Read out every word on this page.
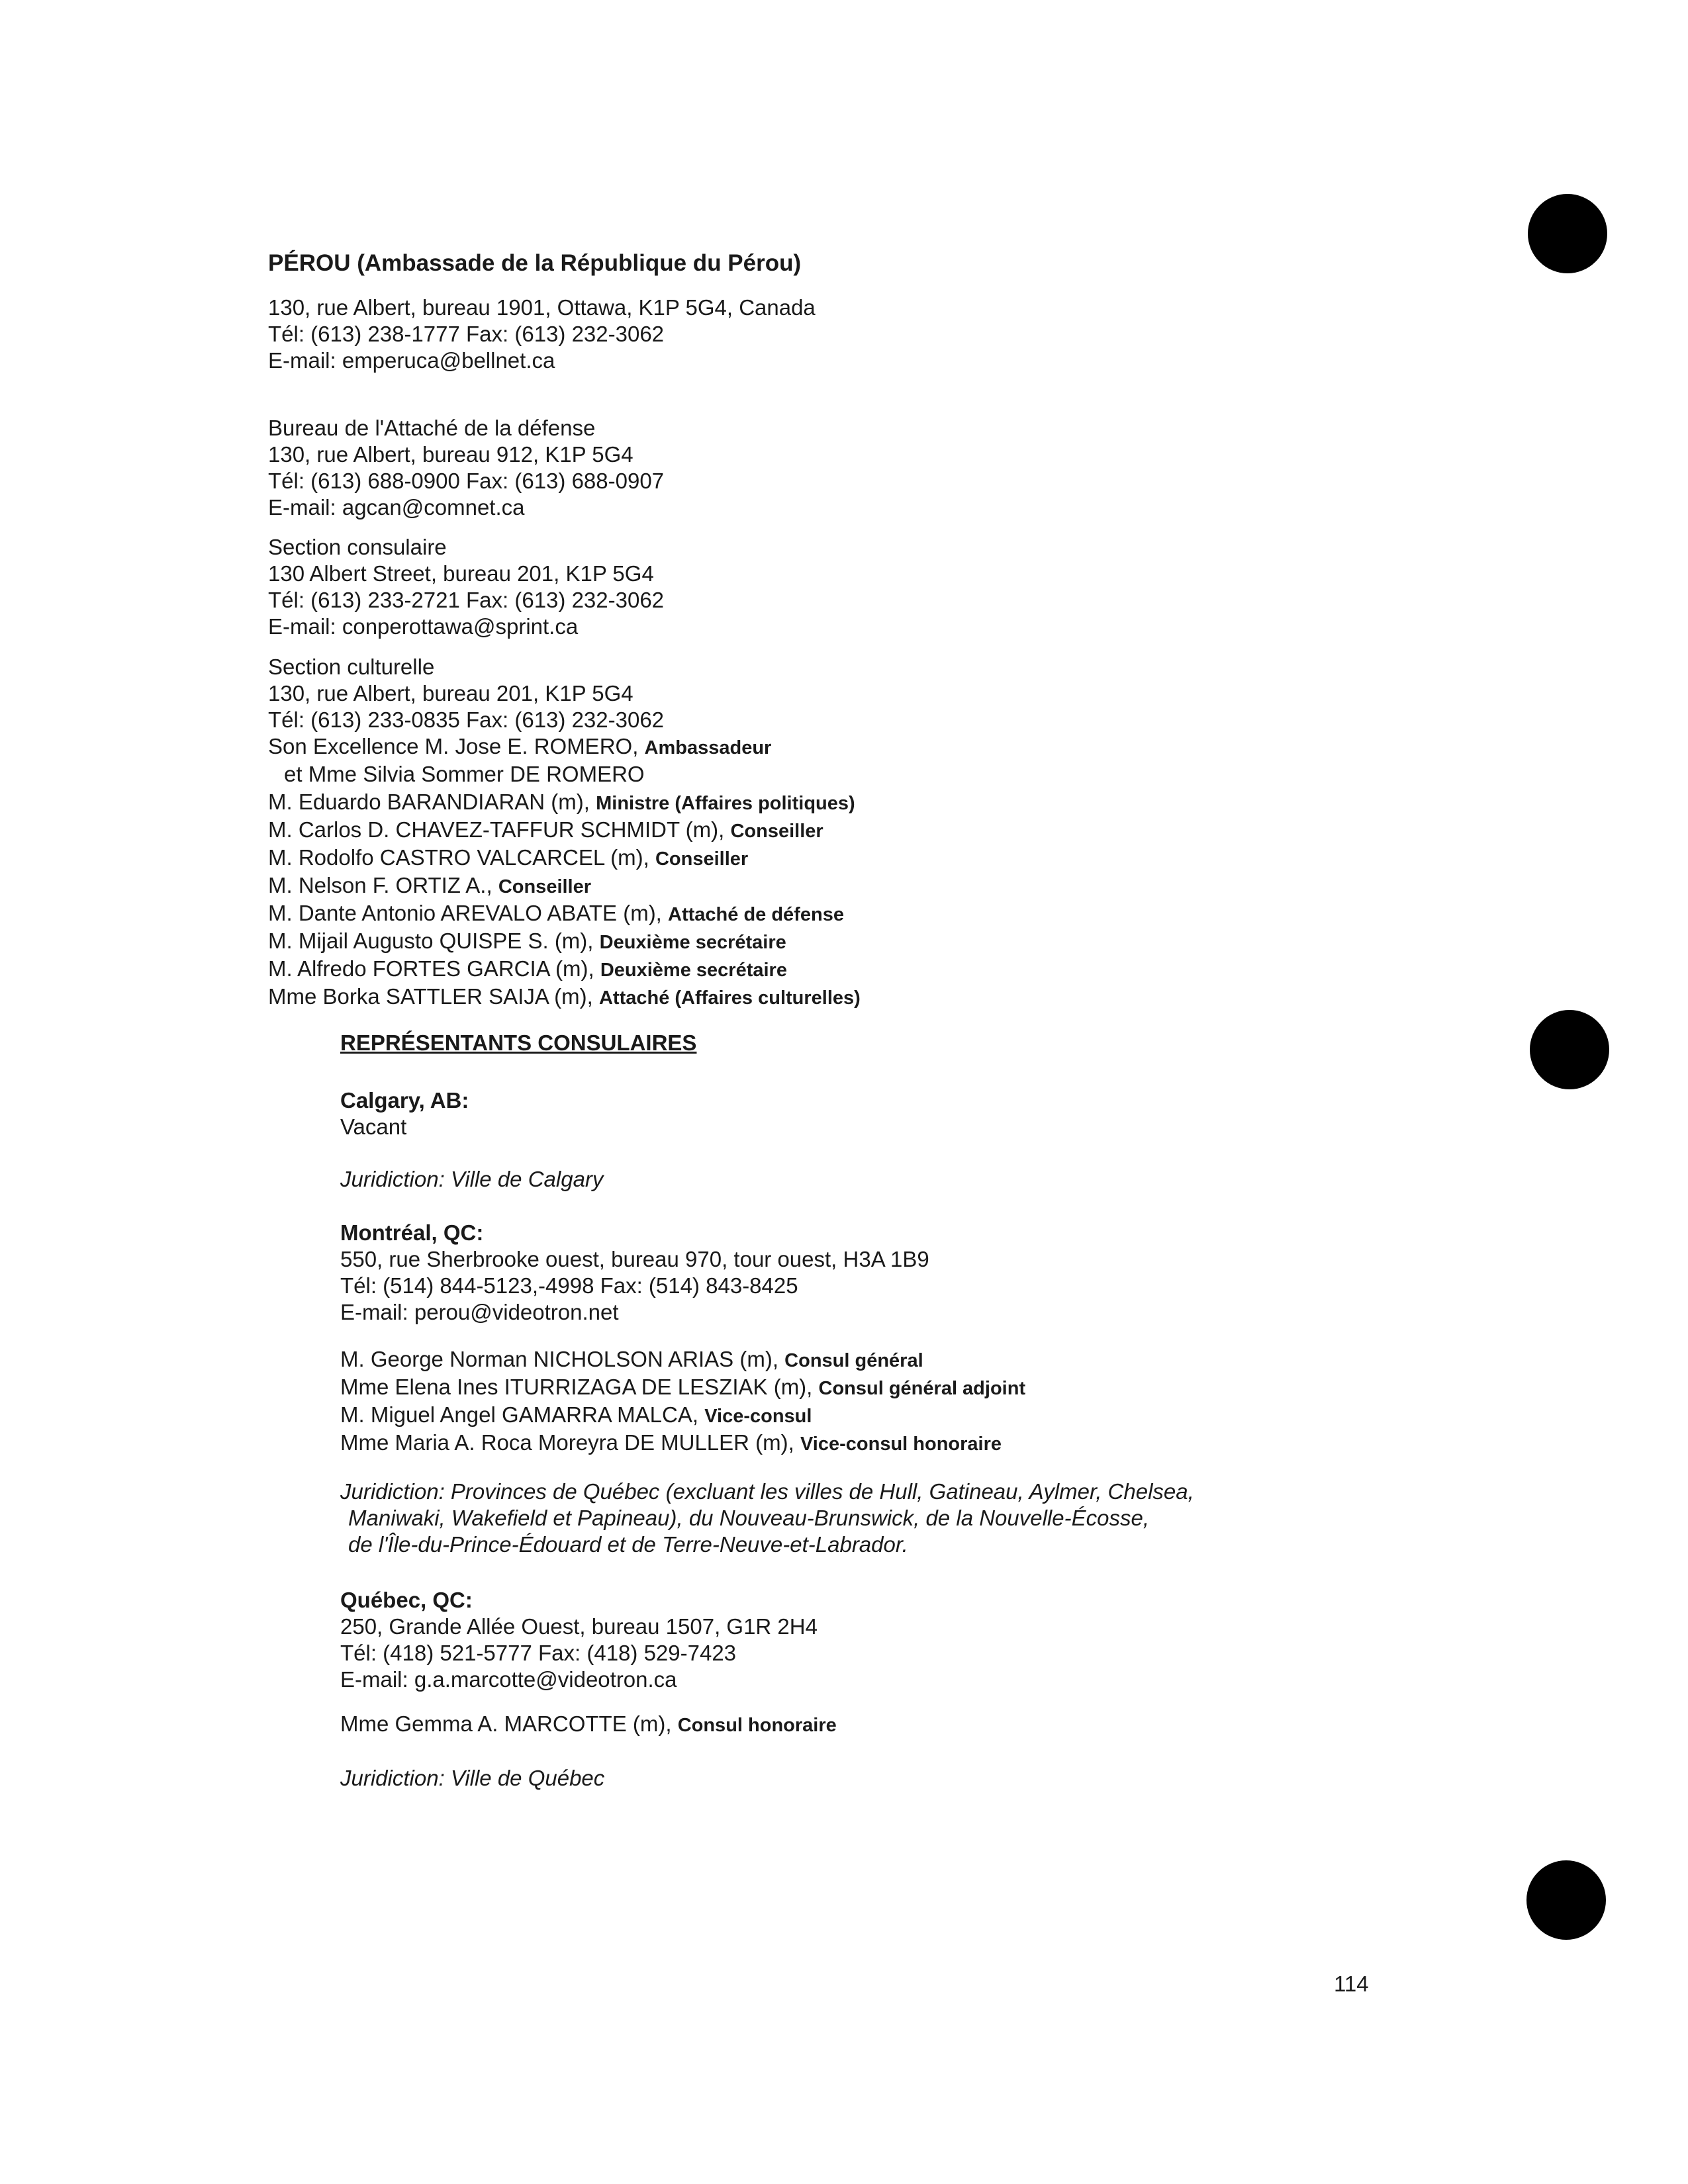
PÉROU (Ambassade de la République du Pérou)
130, rue Albert, bureau 1901, Ottawa, K1P 5G4, Canada
Tél: (613) 238-1777 Fax: (613) 232-3062
E-mail: emperuca@bellnet.ca
Bureau de l'Attaché de la défense
130, rue Albert, bureau 912, K1P 5G4
Tél: (613) 688-0900 Fax: (613) 688-0907
E-mail: agcan@comnet.ca
Section consulaire
130 Albert Street, bureau 201, K1P 5G4
Tél: (613) 233-2721 Fax: (613) 232-3062
E-mail: conperottawa@sprint.ca
Section culturelle
130, rue Albert, bureau 201, K1P 5G4
Tél: (613) 233-0835 Fax: (613) 232-3062
Son Excellence M. Jose E. ROMERO, Ambassadeur
et Mme Silvia Sommer DE ROMERO
M. Eduardo BARANDIARAN (m), Ministre (Affaires politiques)
M. Carlos D. CHAVEZ-TAFFUR SCHMIDT (m), Conseiller
M. Rodolfo CASTRO VALCARCEL (m), Conseiller
M. Nelson F. ORTIZ A., Conseiller
M. Dante Antonio AREVALO ABATE (m), Attaché de défense
M. Mijail Augusto QUISPE S. (m), Deuxième secrétaire
M. Alfredo FORTES GARCIA (m), Deuxième secrétaire
Mme Borka SATTLER SAIJA (m), Attaché (Affaires culturelles)
REPRÉSENTANTS CONSULAIRES
Calgary, AB:
Vacant
Juridiction: Ville de Calgary
Montréal, QC:
550, rue Sherbrooke ouest, bureau 970, tour ouest, H3A 1B9
Tél: (514) 844-5123,-4998 Fax: (514) 843-8425
E-mail: perou@videotron.net
M. George Norman NICHOLSON ARIAS (m), Consul général
Mme Elena Ines ITURRIZAGA DE LESZIAK (m), Consul général adjoint
M. Miguel Angel GAMARRA MALCA, Vice-consul
Mme Maria A. Roca Moreyra DE MULLER (m), Vice-consul honoraire
Juridiction: Provinces de Québec (excluant les villes de Hull, Gatineau, Aylmer, Chelsea,
Maniwaki, Wakefield et Papineau), du Nouveau-Brunswick, de la Nouvelle-Écosse,
de l'Île-du-Prince-Édouard et de Terre-Neuve-et-Labrador.
Québec, QC:
250, Grande Allée Ouest, bureau 1507, G1R 2H4
Tél: (418) 521-5777 Fax: (418) 529-7423
E-mail: g.a.marcotte@videotron.ca
Mme Gemma A. MARCOTTE (m), Consul honoraire
Juridiction: Ville de Québec
114
